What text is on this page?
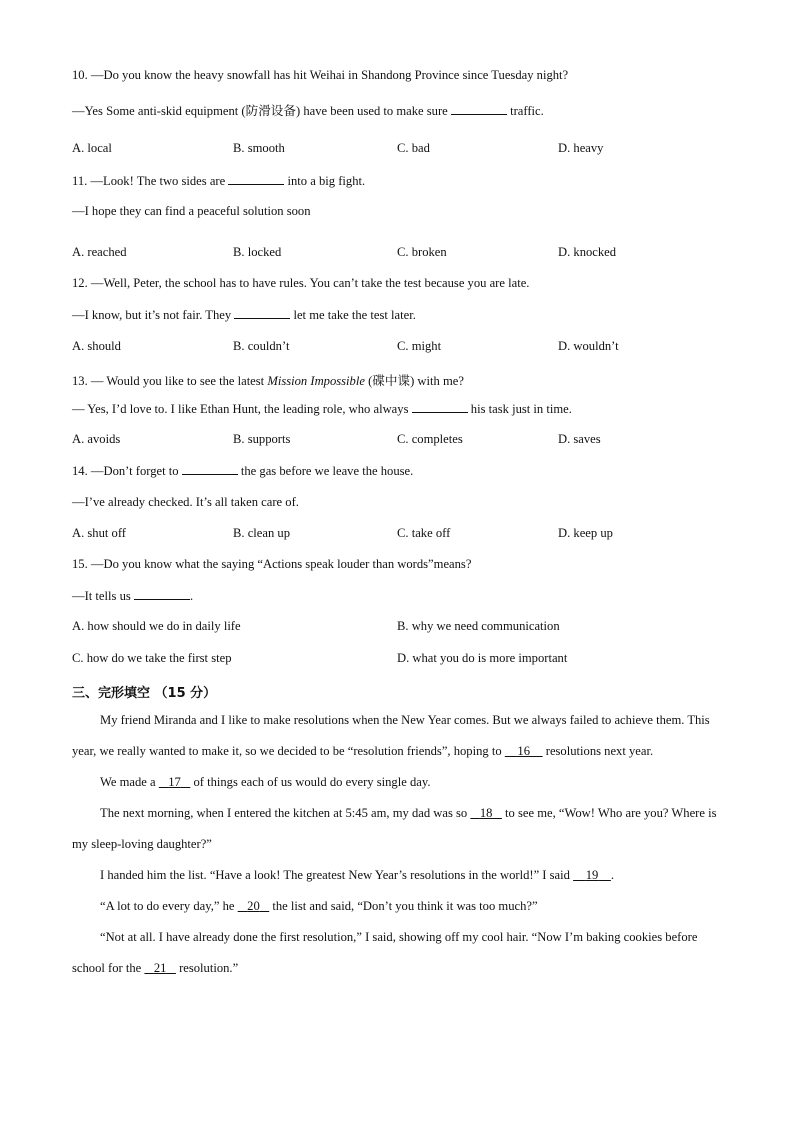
10. —Do you know the heavy snowfall has hit Weihai in Shandong Province since Tuesday night?
—Yes Some anti-skid equipment (防滑设备) have been used to make sure	traffic.
A. local	B. smooth	C. bad	D. heavy
11. —Look! The two sides are	into a big fight.
—I hope they can find a peaceful solution soon
A. reached	B. locked	C. broken	D. knocked
12. —Well, Peter, the school has to have rules. You can’t take the test because you are late.
—I know, but it’s not fair. They	let me take the test later.
A. should	B. couldn’t	C. might	D. wouldn’t
13. — Would you like to see the latest Mission Impossible (碟中谍) with me?
— Yes, I’d love to. I like Ethan Hunt, the leading role, who always	his task just in time.
A. avoids	B. supports	C. completes	D. saves
14. —Don’t forget to	the gas before we leave the house.
—I’ve already checked. It’s all taken care of.
A. shut off	B. clean up	C. take off	D. keep up
15. —Do you know what the saying “Actions speak louder than words”means?
—It tells us	.
A. how should we do in daily life	B. why we need communication
C. how do we take the first step	D. what you do is more important
三、完形填空 （15 分）

My friend Miranda and I like to make resolutions when the New Year comes. But we always failed to achieve them. This year, we really wanted to make it, so we decided to be “resolution friends”, hoping to 16 resolutions next year.

We made a 17 of things each of us would do every single day.

The next morning, when I entered the kitchen at 5:45 am, my dad was so 18 to see me, “Wow! Who are you? Where is my sleep-loving daughter?”

I handed him the list. “Have a look! The greatest New Year’s resolutions in the world!” I said 19 .

“A lot to do every day,” he 20 the list and said, “Don’t you think it was too much?”

“Not at all. I have already done the first resolution,” I said, showing off my cool hair. “Now I’m baking cookies before school for the 21 resolution.”
